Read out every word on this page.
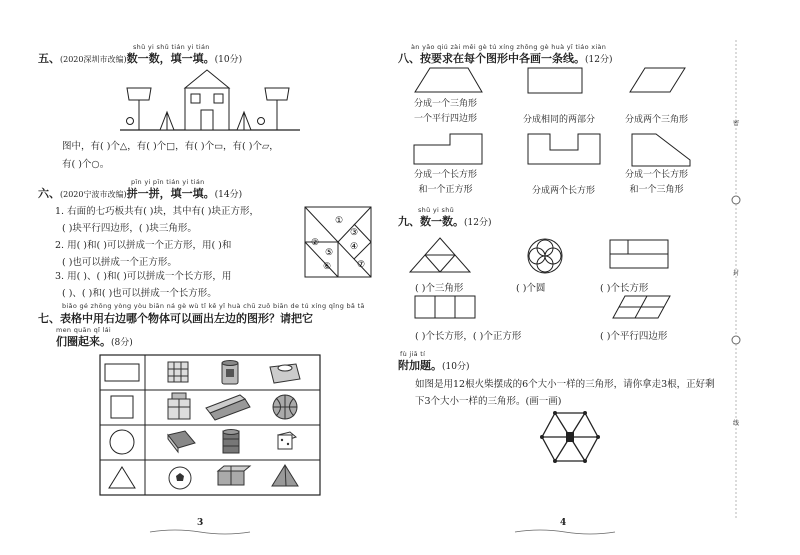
shǔ yi shǔ tián yi tián
五、(2020深圳市改编)数一数，填一填。(10分)
图中，有( )个△，有( )个□，有( )个▭，有( )个▱，
有( )个○。
pīn yi pīn tián yi tián
六、(2020宁波市改编)拼一拼，填一填。(14分)
1. 右面的七巧板共有( )块，其中有( )块正方形，
( )块平行四边形，( )块三角形。
2. 用( )和( )可以拼成一个正方形，用( )和
( )也可以拼成一个正方形。
3. 用( )、( )和( )可以拼成一个长方形，用
( )、( )和( )也可以拼成一个长方形。
①
②
③
④
⑤
⑥	⑦
biǎo gé zhōng yòng yòu biān ná gè wù tǐ kě yǐ huà chū zuǒ biān de tú xíng qǐng bǎ tā
七、表格中用右边哪个物体可以画出左边的图形？请把它
men quān qǐ lái
们圈起来。(8分)
3
àn yāo qiú zài měi gè tú xíng zhōng gè huà yī tiáo xiàn
八、按要求在每个图形中各画一条线。(12分)
分成一个三角形
一个平行四边形	分成相同的两部分	分成两个三角形
分成一个长方形
和一个正方形	分成两个长方形
分成一个长方形
和一个三角形
shǔ yi shǔ
九、数一数。(12分)
( )个三角形	( )个圆	( )个长方形
( )个长方形，( )个正方形	( )个平行四边形
fù jiā tí
附加题。(10分)
如图是用12根火柴摆成的6个大小一样的三角形，请你拿走3根，正好剩
下3个大小一样的三角形。(画一画)
4
密
封
线
